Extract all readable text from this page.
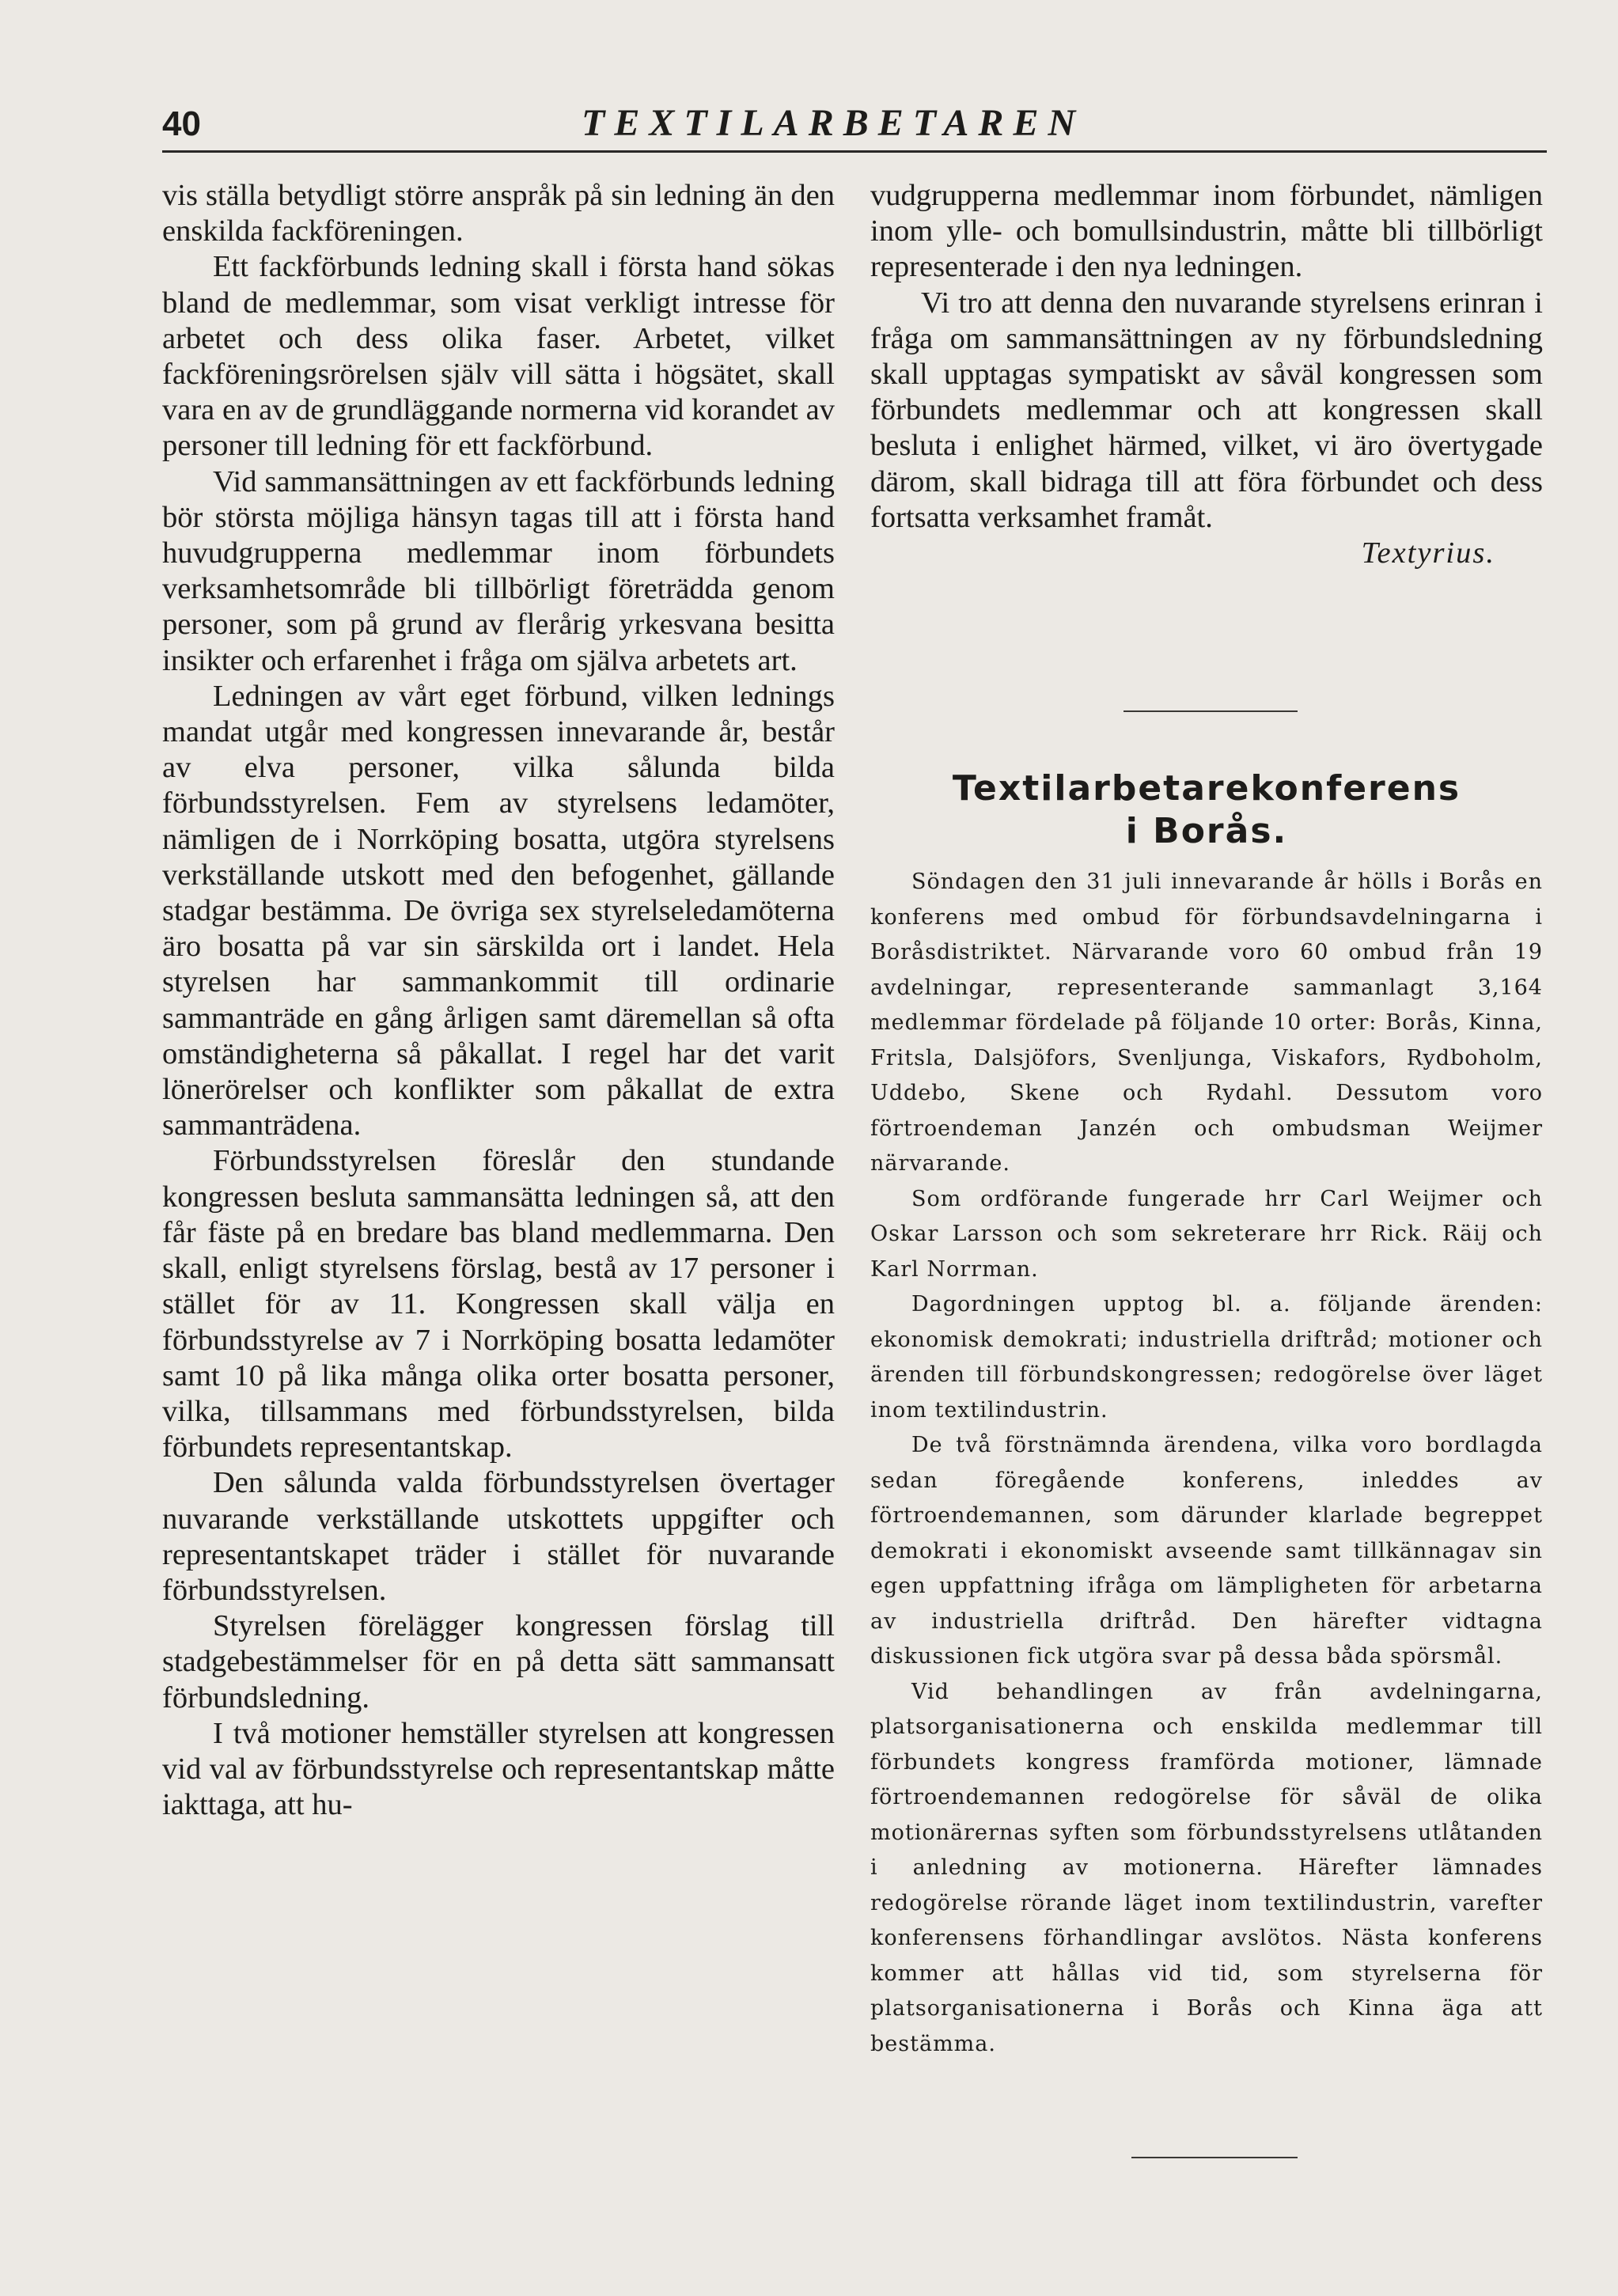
40	TEXTILARBETAREN

vis ställa betydligt större anspråk på sin ledning än den enskilda fackföreningen.

Ett fackförbunds ledning skall i första hand sökas bland de medlemmar, som visat verkligt intresse för arbetet och dess olika faser. Arbetet, vilket fackföreningsrörelsen själv vill sätta i högsätet, skall vara en av de grundläggande normerna vid korandet av personer till ledning för ett fackförbund.

Vid sammansättningen av ett fackförbunds ledning bör största möjliga hänsyn tagas till att i första hand huvudgrupperna medlemmar inom förbundets verksamhetsområde bli tillbörligt företrädda genom personer, som på grund av flerårig yrkesvana besitta insikter och erfarenhet i fråga om själva arbetets art.

Ledningen av vårt eget förbund, vilken lednings mandat utgår med kongressen innevarande år, består av elva personer, vilka sålunda bilda förbundsstyrelsen. Fem av styrelsens ledamöter, nämligen de i Norrköping bosatta, utgöra styrelsens verkställande utskott med den befogenhet, gällande stadgar bestämma. De övriga sex styrelseledamöterna äro bosatta på var sin särskilda ort i landet. Hela styrelsen har sammankommit till ordinarie sammanträde en gång årligen samt däremellan så ofta omständigheterna så påkallat. I regel har det varit lönerörelser och konflikter som påkallat de extra sammanträdena.

Förbundsstyrelsen föreslår den stundande kongressen besluta sammansätta ledningen så, att den får fäste på en bredare bas bland medlemmarna. Den skall, enligt styrelsens förslag, bestå av 17 personer i stället för av 11. Kongressen skall välja en förbundsstyrelse av 7 i Norrköping bosatta ledamöter samt 10 på lika många olika orter bosatta personer, vilka, tillsammans med förbundsstyrelsen, bilda förbundets representantskap.

Den sålunda valda förbundsstyrelsen övertager nuvarande verkställande utskottets uppgifter och representantskapet träder i stället för nuvarande förbundsstyrelsen.

Styrelsen förelägger kongressen förslag till stadgebestämmelser för en på detta sätt sammansatt förbundsledning.

I två motioner hemställer styrelsen att kongressen vid val av förbundsstyrelse och representantskap måtte iakttaga, att hu-

vudgrupperna medlemmar inom förbundet, nämligen inom ylle- och bomullsindustrin, måtte bli tillbörligt representerade i den nya ledningen.

Vi tro att denna den nuvarande styrelsens erinran i fråga om sammansättningen av ny förbundsledning skall upptagas sympatiskt av såväl kongressen som förbundets medlemmar och att kongressen skall besluta i enlighet härmed, vilket, vi äro övertygade därom, skall bidraga till att föra förbundet och dess fortsatta verksamhet framåt.

Textyrius.
Textilarbetarekonferens
i Borås.

Söndagen den 31 juli innevarande år hölls i Borås en konferens med ombud för förbundsavdelningarna i Boråsdistriktet. Närvarande voro 60 ombud från 19 avdelningar, representerande sammanlagt 3,164 medlemmar fördelade på följande 10 orter: Borås, Kinna, Fritsla, Dalsjöfors, Svenljunga, Viskafors, Rydboholm, Uddebo, Skene och Rydahl. Dessutom voro förtroendeman Janzén och ombudsman Weijmer närvarande.

Som ordförande fungerade hrr Carl Weijmer och Oskar Larsson och som sekreterare hrr Rick. Räij och Karl Norrman.

Dagordningen upptog bl. a. följande ärenden: ekonomisk demokrati; industriella driftråd; motioner och ärenden till förbundskongressen; redogörelse över läget inom textilindustrin.

De två förstnämnda ärendena, vilka voro bordlagda sedan föregående konferens, inleddes av förtroendemannen, som därunder klarlade begreppet demokrati i ekonomiskt avseende samt tillkännagav sin egen uppfattning ifråga om lämpligheten för arbetarna av industriella driftråd. Den härefter vidtagna diskussionen fick utgöra svar på dessa båda spörsmål.

Vid behandlingen av från avdelningarna, platsorganisationerna och enskilda medlemmar till förbundets kongress framförda motioner, lämnade förtroendemannen redogörelse för såväl de olika motionärernas syften som förbundsstyrelsens utlåtanden i anledning av motionerna. Härefter lämnades redogörelse rörande läget inom textilindustrin, varefter konferensens förhandlingar avslötos. Nästa konferens kommer att hållas vid tid, som styrelserna för platsorganisationerna i Borås och Kinna äga att bestämma.
